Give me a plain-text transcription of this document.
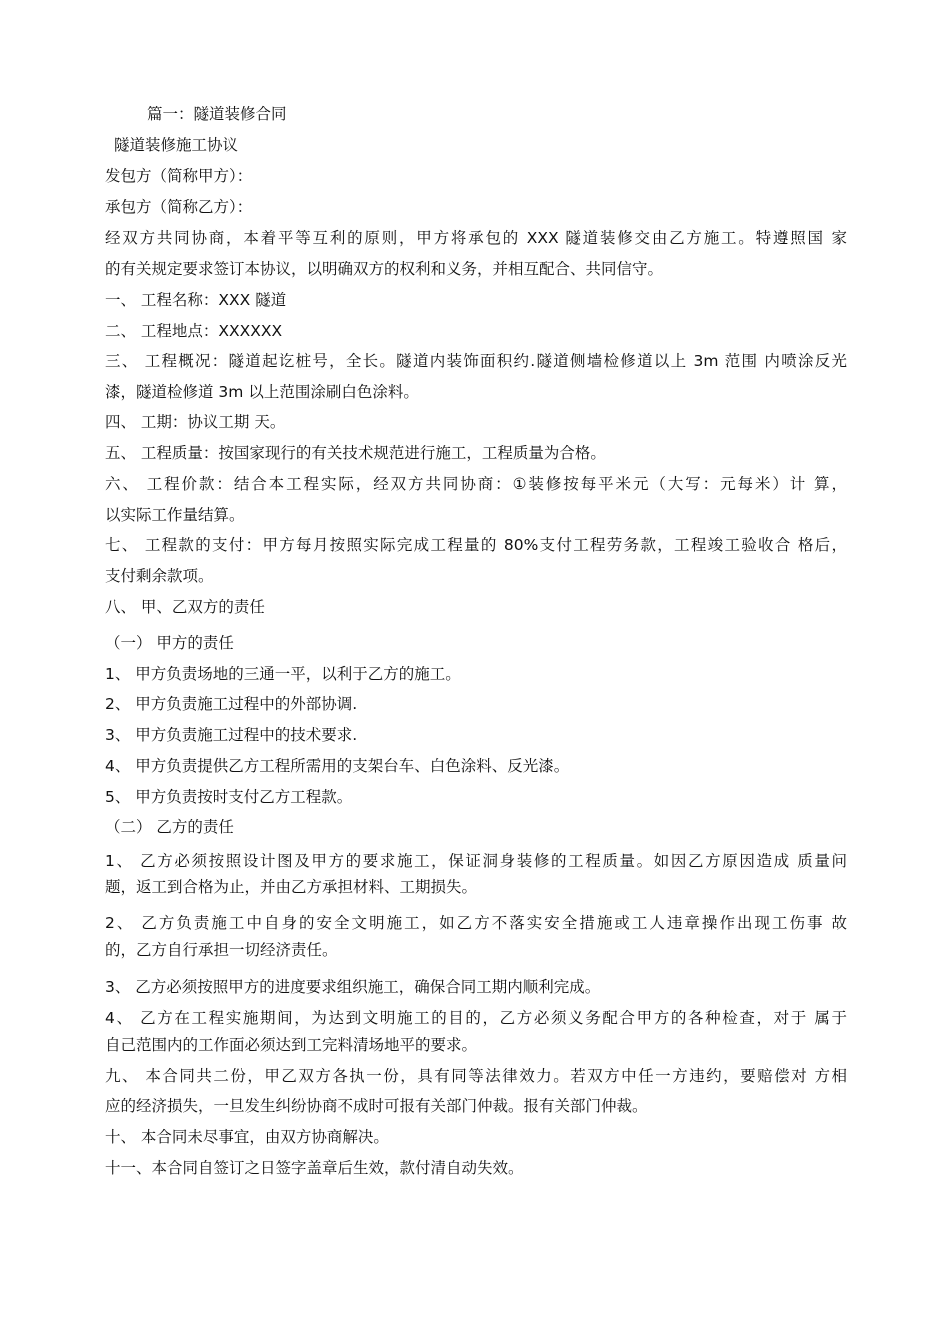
篇一：隧道装修合同
隧道装修施工协议
发包方（简称甲方）：
承包方（简称乙方）：
经双方共同协商，本着平等互利的原则，甲方将承包的 XXX 隧道装修交由乙方施工。特遵照国 家
的有关规定要求签订本协议，以明确双方的权利和义务，并相互配合、共同信守。
一、 工程名称：XXX 隧道
二、 工程地点：XXXXXX
三、 工程概况：隧道起讫桩号，全长。隧道内装饰面积约.隧道侧墙检修道以上 3m 范围 内喷涂反光
漆，隧道检修道 3m 以上范围涂刷白色涂料。
四、 工期：协议工期 天。
五、 工程质量：按国家现行的有关技术规范进行施工，工程质量为合格。
六、 工程价款：结合本工程实际，经双方共同协商：①装修按每平米元（大写：元每米）计 算，
以实际工作量结算。
七、 工程款的支付：甲方每月按照实际完成工程量的 80%支付工程劳务款，工程竣工验收合 格后，
支付剩余款项。
八、 甲、乙双方的责任
（一） 甲方的责任
1、 甲方负责场地的三通一平，以利于乙方的施工。
2、 甲方负责施工过程中的外部协调.
3、 甲方负责施工过程中的技术要求.
4、 甲方负责提供乙方工程所需用的支架台车、白色涂料、反光漆。
5、 甲方负责按时支付乙方工程款。
（二） 乙方的责任
1、 乙方必须按照设计图及甲方的要求施工，保证洞身装修的工程质量。如因乙方原因造成 质量问
题，返工到合格为止，并由乙方承担材料、工期损失。
2、 乙方负责施工中自身的安全文明施工，如乙方不落实安全措施或工人违章操作出现工伤事 故
的，乙方自行承担一切经济责任。
3、 乙方必须按照甲方的进度要求组织施工，确保合同工期内顺利完成。
4、 乙方在工程实施期间，为达到文明施工的目的，乙方必须义务配合甲方的各种检查，对于 属于
自己范围内的工作面必须达到工完料清场地平的要求。
九、 本合同共二份，甲乙双方各执一份，具有同等法律效力。若双方中任一方违约，要赔偿对 方相
应的经济损失，一旦发生纠纷协商不成时可报有关部门仲裁。报有关部门仲裁。
十、 本合同未尽事宜，由双方协商解决。
十一、本合同自签订之日签字盖章后生效，款付清自动失效。
